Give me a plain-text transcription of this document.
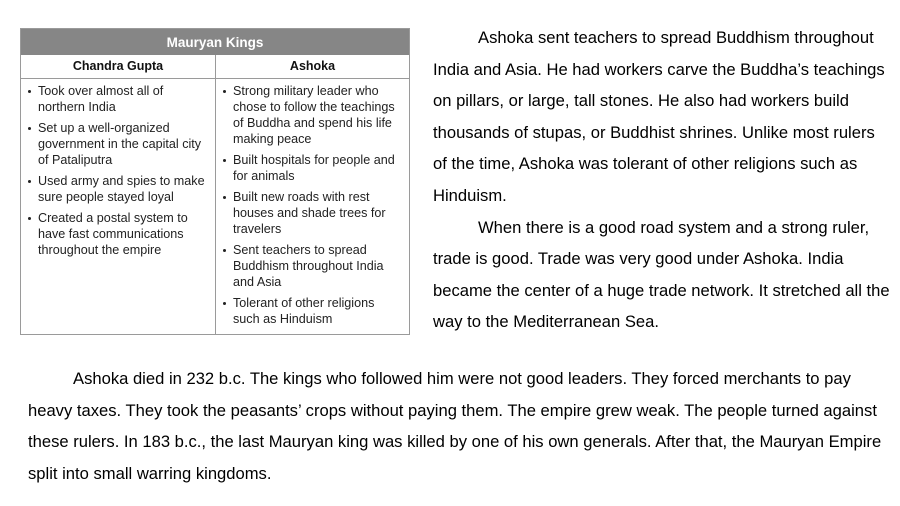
Mauryan Kings
Chandra Gupta
Took over almost all of northern India
Set up a well-organized government in the capital city of Pataliputra
Used army and spies to make sure people stayed loyal
Created a postal system to have fast communications throughout the empire
Ashoka
Strong military leader who chose to follow the teachings of Buddha and spend his life making peace
Built hospitals for people and for animals
Built new roads with rest houses and shade trees for travelers
Sent teachers to spread Buddhism throughout India and Asia
Tolerant of other religions such as Hinduism

Ashoka sent teachers to spread Buddhism throughout India and Asia. He had workers carve the Buddha’s teachings on pillars, or large, tall stones. He also had workers build thousands of stupas, or Buddhist shrines. Unlike most rulers of the time, Ashoka was tolerant of other religions such as Hinduism.

When there is a good road system and a strong ruler, trade is good. Trade was very good under Ashoka. India became the center of a huge trade network. It stretched all the way to the Mediterranean Sea.

Ashoka died in 232 b.c. The kings who followed him were not good leaders. They forced merchants to pay heavy taxes. They took the peasants’ crops without paying them. The empire grew weak. The people turned against these rulers. In 183 b.c., the last Mauryan king was killed by one of his own generals. After that, the Mauryan Empire split into small warring kingdoms.
